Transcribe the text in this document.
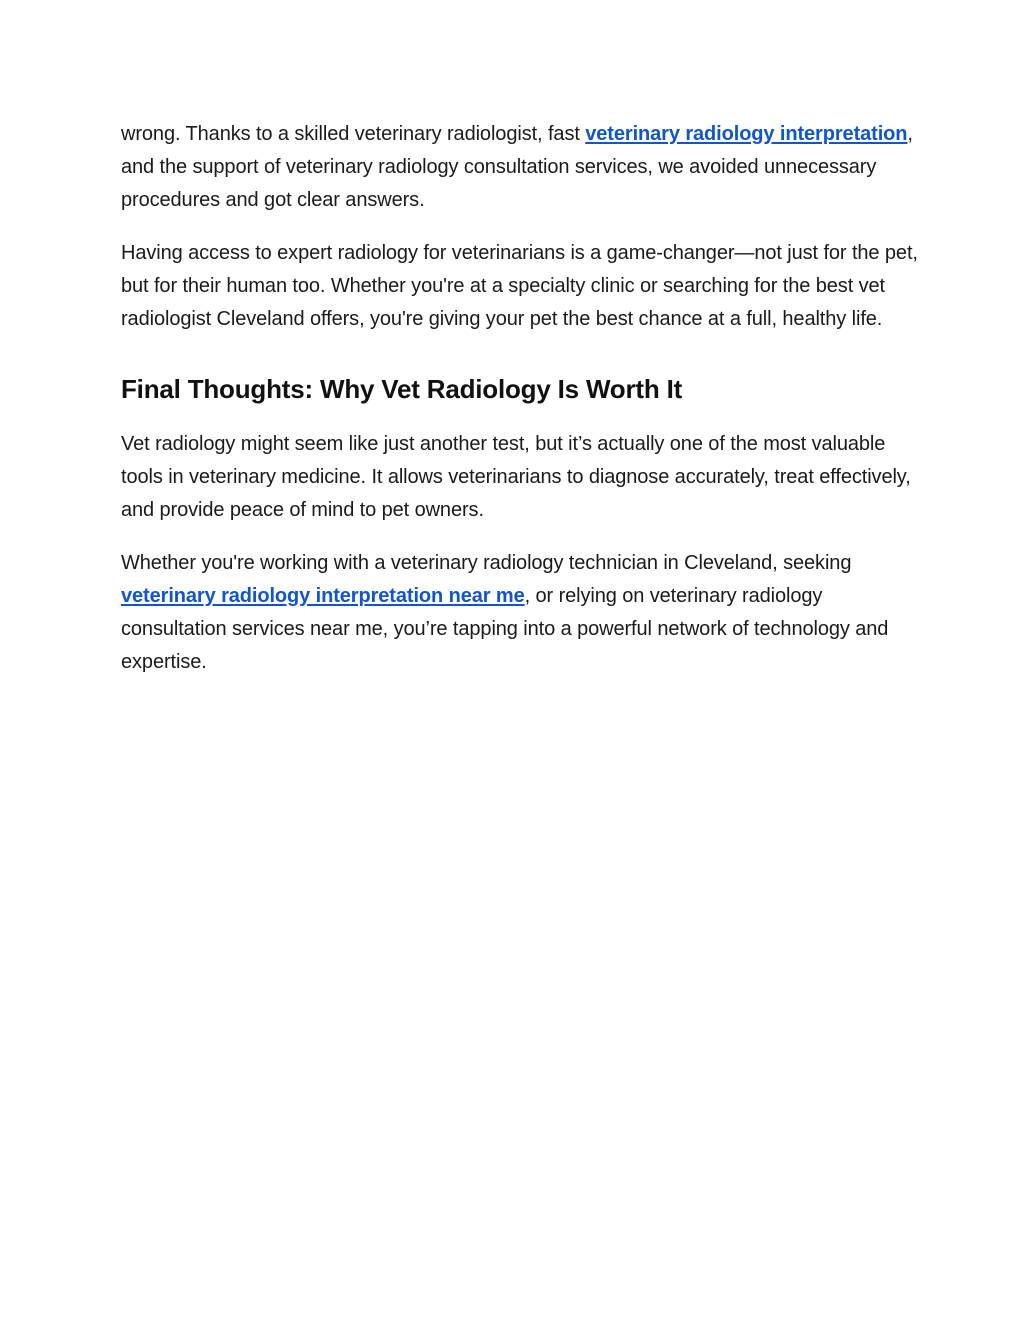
wrong. Thanks to a skilled veterinary radiologist, fast veterinary radiology interpretation, and the support of veterinary radiology consultation services, we avoided unnecessary procedures and got clear answers.

Having access to expert radiology for veterinarians is a game-changer—not just for the pet, but for their human too. Whether you're at a specialty clinic or searching for the best vet radiologist Cleveland offers, you're giving your pet the best chance at a full, healthy life.

Final Thoughts: Why Vet Radiology Is Worth It

Vet radiology might seem like just another test, but it’s actually one of the most valuable tools in veterinary medicine. It allows veterinarians to diagnose accurately, treat effectively, and provide peace of mind to pet owners.

Whether you're working with a veterinary radiology technician in Cleveland, seeking veterinary radiology interpretation near me, or relying on veterinary radiology consultation services near me, you’re tapping into a powerful network of technology and expertise.
